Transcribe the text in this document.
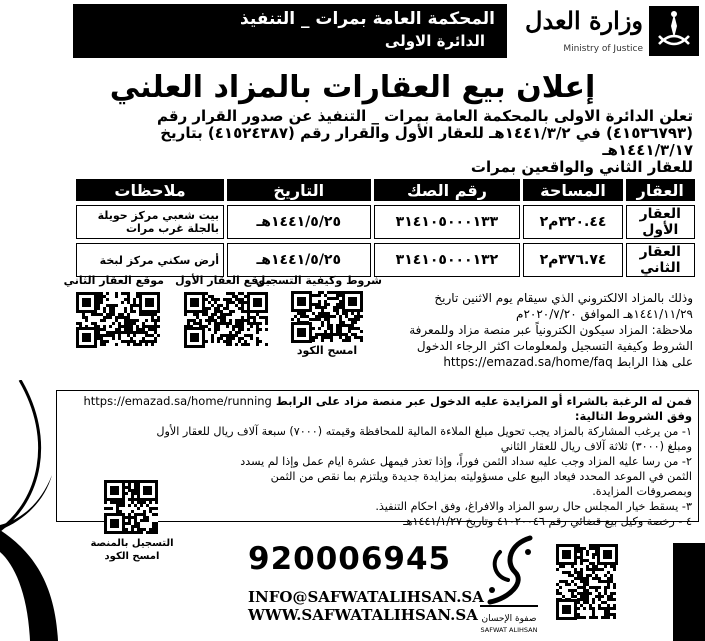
المحكمة العامة بمرات _ التنفيذ
الدائرة الاولى
وزارة العدل
Ministry of Justice
إعلان بيع العقارات بالمزاد العلني
تعلن الدائرة الاولى بالمحكمة العامة بمرات _ التنفيذ عن صدور القرار رقم
(٤١٥٣٦٧٩٣) في ١٤٤١/٣/٢هـ للعقار الأول والقرار رقم (٤١٥٢٤٣٨٧) بتاريخ ١٤٤١/٣/١٧هـ
للعقار الثاني والواقعين بمرات
العقار	المساحة	رقم الصك	التاريخ	ملاحظات
العقار الأول	٣٢٠.٤٤م٢	٣١٤١٠٥٠٠٠١٣٣	١٤٤١/٥/٢٥هـ	بيت شعبي مركز حويلة بالجلة غرب مرات
العقار الثاني	٣٧٦.٧٤م٢	٣١٤١٠٥٠٠٠١٣٢	١٤٤١/٥/٢٥هـ	أرض سكني مركز لبخة
شروط وكيفية التسجيل
امسح الكود
موقع العقار الأول
موقع العقار الثاني
وذلك بالمزاد الالكتروني الذي سيقام يوم الاثنين تاريخ
١٤٤١/١١/٢٩هـ الموافق ٢٠٢٠/٧/٢٠م
ملاحظة: المزاد سيكون الكترونياً عبر منصة مزاد وللمعرفة
الشروط وكيفية التسجيل ولمعلومات اكثر الرجاء الدخول
على هذا الرابط https://emazad.sa/home/faq
فمن له الرغبة بالشراء أو المزايدة عليه الدخول عبر منصة مزاد على الرابط https://emazad.sa/home/running وفق الشروط التالية:
١- من يرغب المشاركة بالمزاد يجب تحويل مبلغ الملاءة المالية للمحافظة وقيمته (٧٠٠٠) سبعة آلاف ريال للعقار الأول
ومبلغ (٣٠٠٠) ثلاثة آلاف ريال للعقار الثاني
٢- من رسا عليه المزاد وجب عليه سداد الثمن فوراً، وإذا تعذر فيمهل عشرة ايام عمل وإذا لم يسدد
الثمن في الموعد المحدد فيعاد البيع على مسؤوليته بمزايدة جديدة ويلتزم بما نقص من الثمن
وبمصروفات المزايدة.
٣- يسقط خيار المجلس حال رسو المزاد والافراغ، وفق احكام التنفيذ.
٤ - رخصة وكيل بيع قضائي رقم ٤١٠٢٠٠٤٦ وتاريخ ١٤٤١/١/٢٧هـ
التسجيل بالمنصة
امسح الكود	920006945
INFO@SAFWATALIHSAN.SA
WWW.SAFWATALIHSAN.SA صفوة الإحسان
SAFWAT ALIHSAN
